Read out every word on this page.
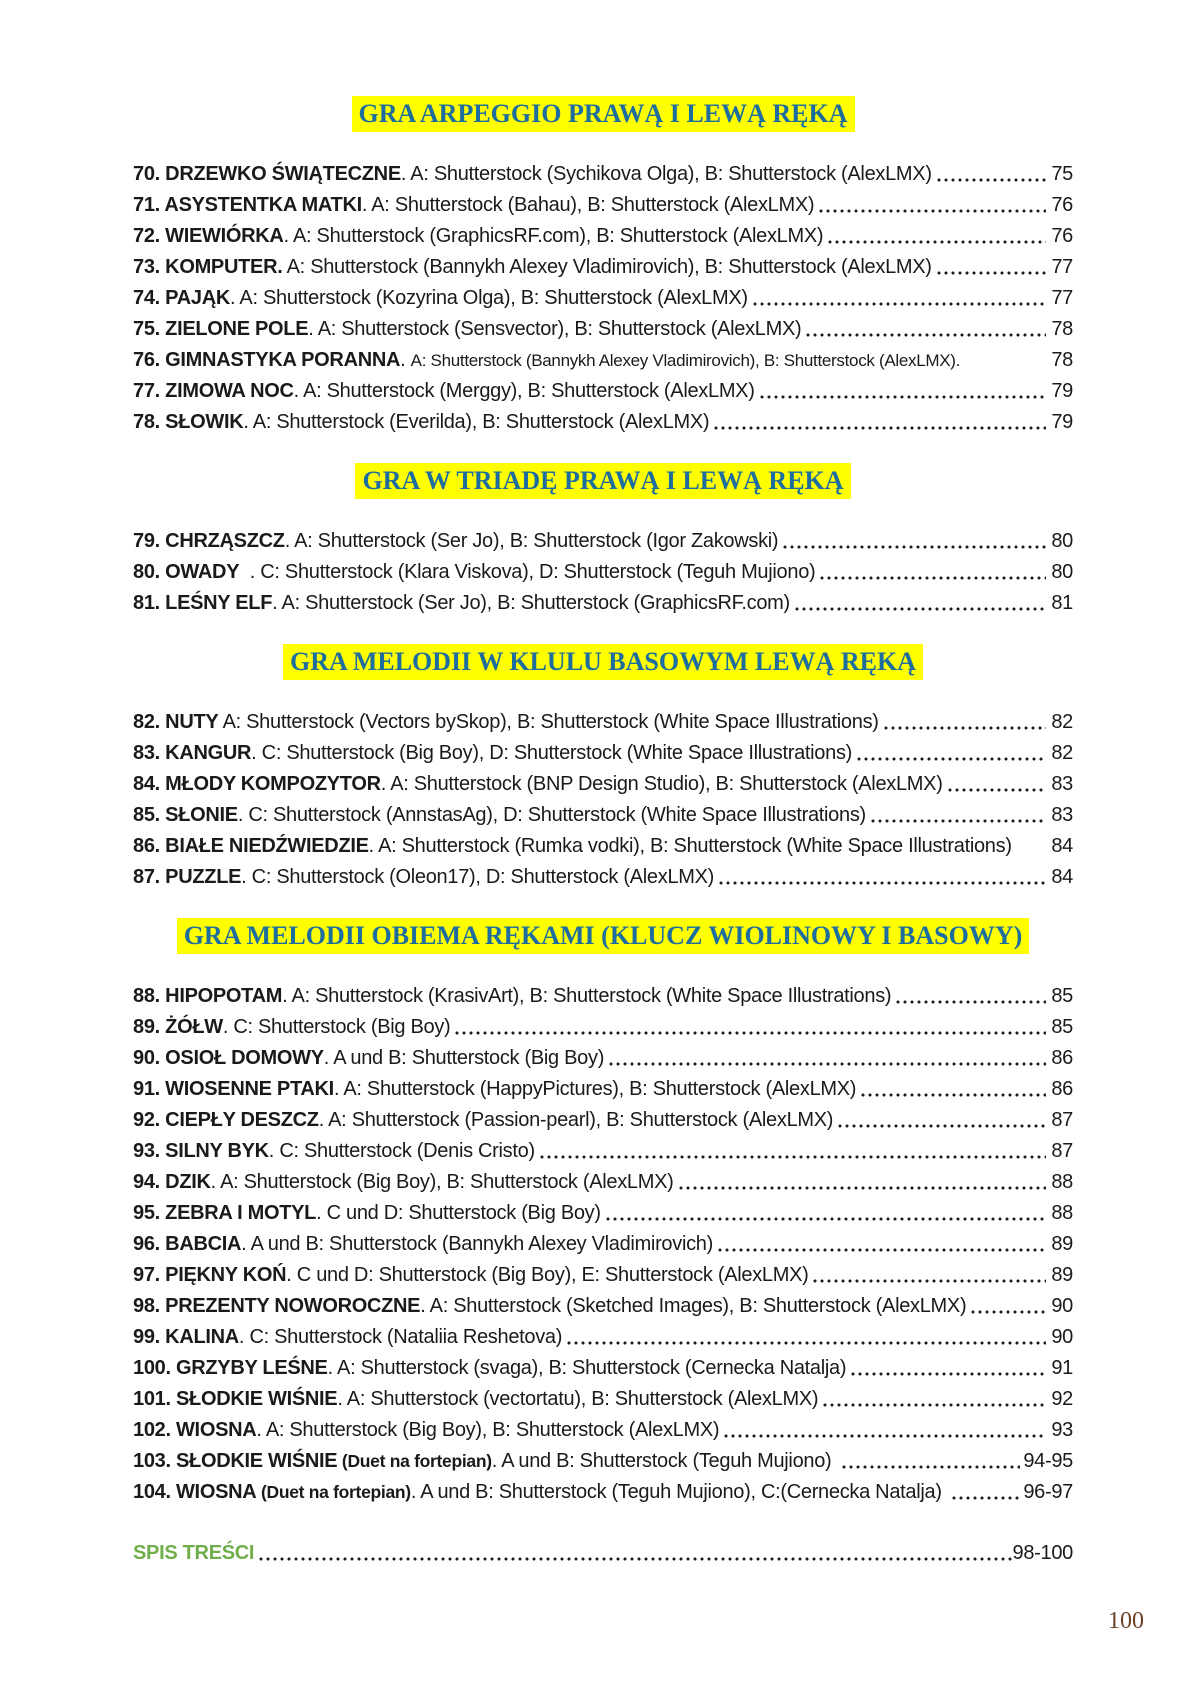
GRA ARPEGGIO PRAWĄ I LEWĄ RĘKĄ
70. DRZEWKO ŚWIĄTECZNE. A: Shutterstock (Sychikova Olga), B: Shutterstock (AlexLMX)	75
71. ASYSTENTKA MATKI. A: Shutterstock (Bahau), B: Shutterstock (AlexLMX)	76
72. WIEWIÓRKA. A: Shutterstock (GraphicsRF.com), B: Shutterstock (AlexLMX)	76
73. KOMPUTER. A: Shutterstock (Bannykh Alexey Vladimirovich), B: Shutterstock (AlexLMX)	77
74. PAJĄK. A: Shutterstock (Kozyrina Olga), B: Shutterstock (AlexLMX)	77
75. ZIELONE POLE. A: Shutterstock (Sensvector), B: Shutterstock (AlexLMX)	78
76. GIMNASTYKA PORANNA. A: Shutterstock (Bannykh Alexey Vladimirovich), B: Shutterstock (AlexLMX).	78
77. ZIMOWA NOC. A: Shutterstock (Merggy), B: Shutterstock (AlexLMX)	79
78. SŁOWIK. A: Shutterstock (Everilda), B: Shutterstock (AlexLMX)	79
GRA W TRIADĘ PRAWĄ I LEWĄ RĘKĄ
79. CHRZĄSZCZ. A: Shutterstock (Ser Jo), B: Shutterstock (Igor Zakowski)	80
80. OWADY  . C: Shutterstock (Klara Viskova), D: Shutterstock (Teguh Mujiono)	80
81. LEŚNY ELF. A: Shutterstock (Ser Jo), B: Shutterstock (GraphicsRF.com)	81
GRA MELODII W KLULU BASOWYM LEWĄ RĘKĄ
82. NUTY A: Shutterstock (Vectors bySkop), B: Shutterstock (White Space Illustrations)	82
83. KANGUR. C: Shutterstock (Big Boy), D: Shutterstock (White Space Illustrations)	82
84. MŁODY KOMPOZYTOR. A: Shutterstock (BNP Design Studio), B: Shutterstock (AlexLMX)	83
85. SŁONIE. C: Shutterstock (AnnstasAg), D: Shutterstock (White Space Illustrations)	83
86. BIAŁE NIEDŹWIEDZIE. A: Shutterstock (Rumka vodki), B: Shutterstock (White Space Illustrations) 84
87. PUZZLE. C: Shutterstock (Oleon17), D: Shutterstock (AlexLMX)	84
GRA MELODII OBIEMA RĘKAMI (KLUCZ WIOLINOWY I BASOWY)
88. HIPOPOTAM. A: Shutterstock (KrasivArt), B: Shutterstock (White Space Illustrations)	85
89. ŻÓŁW. C: Shutterstock (Big Boy)	85
90. OSIOŁ DOMOWY. A und B: Shutterstock (Big Boy)	86
91. WIOSENNE PTAKI. A: Shutterstock (HappyPictures), B: Shutterstock (AlexLMX)	86
92. CIEPŁY DESZCZ. A: Shutterstock (Passion-pearl), B: Shutterstock (AlexLMX)	87
93. SILNY BYK. C: Shutterstock (Denis Cristo)	87
94. DZIK. A: Shutterstock (Big Boy), B: Shutterstock (AlexLMX)	88
95. ZEBRA I MOTYL. C und D: Shutterstock (Big Boy)	88
96. BABCIA. A und B: Shutterstock (Bannykh Alexey Vladimirovich)	89
97. PIĘKNY KOŃ. C und D: Shutterstock (Big Boy), E: Shutterstock (AlexLMX)	89
98. PREZENTY NOWOROCZNE. A: Shutterstock (Sketched Images), B: Shutterstock (AlexLMX)	90
99. KALINA. C: Shutterstock (Nataliia Reshetova)	90
100. GRZYBY LEŚNE. A: Shutterstock (svaga), B: Shutterstock (Cernecka Natalja)	91
101. SŁODKIE WIŚNIE. A: Shutterstock (vectortatu), B: Shutterstock (AlexLMX)	92
102. WIOSNA. A: Shutterstock (Big Boy), B: Shutterstock (AlexLMX)	93
103. SŁODKIE WIŚNIE (Duet na fortepian). A und B: Shutterstock (Teguh Mujiono)	94-95
104. WIOSNA (Duet na fortepian). A und B: Shutterstock (Teguh Mujiono), C:(Cernecka Natalja)	96-97
SPIS TREŚCI	98-100
100
